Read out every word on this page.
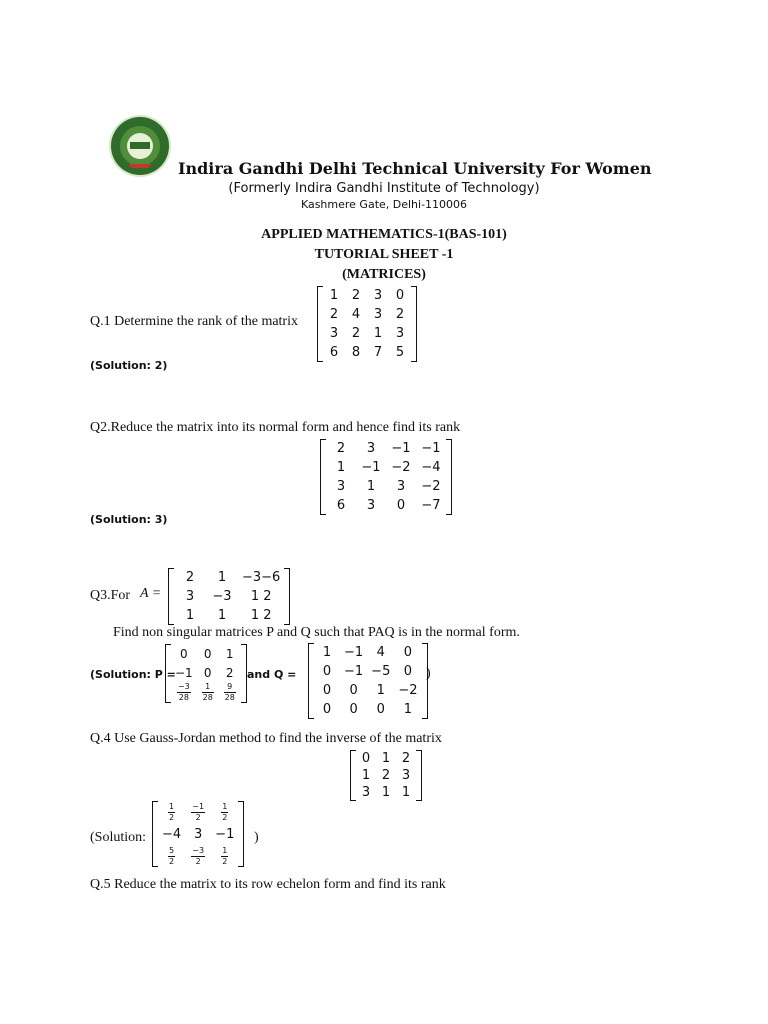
Indira Gandhi Delhi Technical University For Women
(Formerly Indira Gandhi Institute of Technology)
Kashmere Gate, Delhi-110006
APPLIED MATHEMATICS-1(BAS-101)
TUTORIAL SHEET -1
(MATRICES)
Q.1 Determine the rank of the matrix
1	2	3	0
2	4	3	2
3	2	1	3
6	8	7	5
(Solution: 2)
Q2.Reduce the matrix into its normal form and hence find its rank
2	3	−1	−1
1	−1	−2	−4
3	1	3	−2
6	3	0	−7
(Solution: 3)
Q3.For A =
2	1	−3−6
3	−3	1 2
1	1	1 2
Find non singular matrices P and Q such that PAQ is in the normal form.
(Solution: P =
0	0	1
−1	0	2

$\frac{-3}{28}$	$\frac{1}{28}$	$\frac{9}{28}$
and Q =
1	−1	4	0
0	−1	−5	0
0	0	1	−2
0	0	0	1
)
Q.4 Use Gauss-Jordan method to find the inverse of the matrix
0	1	2
1	2	3
3	1	1
(Solution:
$\frac{1}{2}$	$\frac{-1}{2}$	$\frac{1}{2}$

−4	3	−1

$\frac{5}{2}$	$\frac{-3}{2}$	$\frac{1}{2}$
)
Q.5 Reduce the matrix to its row echelon form and find its rank
